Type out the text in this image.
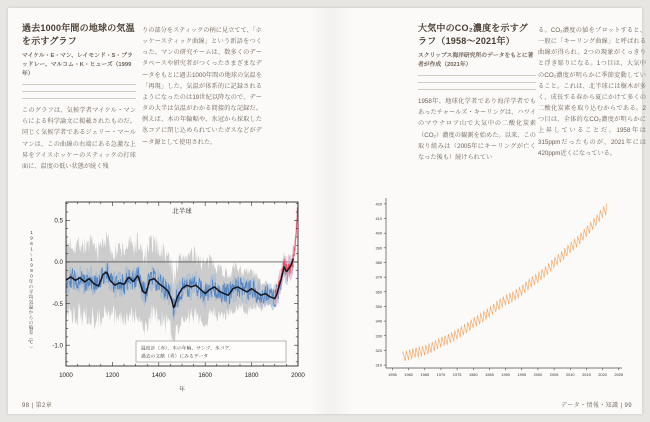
過去1000年間の地球の気温を示すグラフ

マイケル・E・マン、レイモンド・S・ブラッドレー、マルコム・K・ヒューズ（1999年）

このグラフは、気候学者マイケル・マンらによる科学論文に掲載されたものだ。同じく気候学者であるジェリー・マールマンは、この曲線の右端にある急激な上昇をアイスホッケーのスティックの打球面に、温度の低い状態が続く残

りの部分をスティックの柄に見立てて、「ホッケースティック曲線」という新語をつくった。マンの研究チームは、数多くのデータベースや研究者がつくったさまざまなデータをもとに過去1000年間の地球の気温を「再現」した。気温が体系的に記録されるようになったのは19世紀以降なので、データの大半は気温がわかる間接的な記録だ。例えば、木の年輪幅や、氷冠から採取した氷コアに閉じ込められていたガスなどがデータ源として使用された。

1961～1990年の平均気温からの偏差（℃）
1000	1200	1400	1600	1800	2000
0.5
0.0
-0.5
-1.0
北半球
年
温度計（赤）、木の年輪、サンゴ、氷コア、
過去の文献（青）にみるデータ
98 | 第2章
大気中のCO₂濃度を示すグラフ（1958～2021年）

スクリップス海洋研究所のデータをもとに著者が作成（2021年）

1958年、地球化学者であり海洋学者でもあったチャールズ・キーリングは、ハワイのマウナロア山で大気中の二酸化炭素（CO₂）濃度の観測を始めた。以来、この取り組みは（2005年にキーリングが亡くなった後も）続けられてい

る。CO₂濃度の値をプロットすると、一般に「キーリング曲線」と呼ばれる曲線が得られ、2つの現象がくっきりと浮き彫りになる。1つ目は、大気中のCO₂濃度が明らかに季節変動していること。これは、北半球には樹木が多く、成長する春から夏にかけて多くの二酸化炭素を取り込むからである。2つ目は、全体的なCO₂濃度が明らかに上昇していることだ。1958年は315ppmだったものが、2021年には420ppm近くになっている。

310
320
330
340
350
360
370
380
390
400
410
420
1955 1960 1965 1970 1975 1980 1985 1990 1995 2000 2005 2010 2015 2020 2025
データ・情報・知識 | 99
